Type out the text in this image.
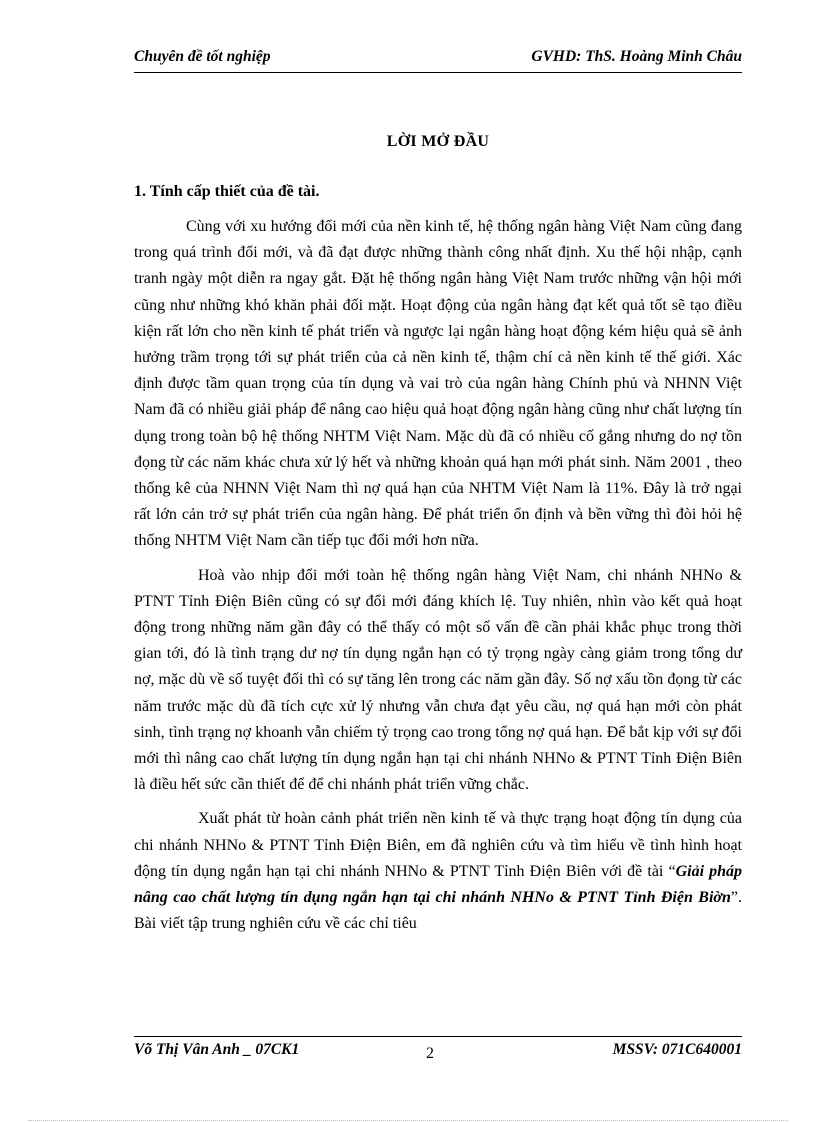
Chuyên đề tốt nghiệp	GVHD: ThS. Hoàng Minh Châu
LỜI MỞ ĐẦU
1. Tính cấp thiết của đề tài.

Cùng với xu hướng đổi mới của nền kinh tế, hệ thống ngân hàng Việt Nam cũng đang trong quá trình đổi mới, và đã đạt được những thành công nhất định. Xu thế hội nhập, cạnh tranh ngày một diễn ra ngay gắt. Đặt hệ thống ngân hàng Việt Nam trước những vận hội mới cũng như những khó khăn phải đối mặt. Hoạt động của ngân hàng đạt kết quả tốt sẽ tạo điều kiện rất lớn cho nền kinh tế phát triển và ngược lại ngân hàng hoạt động kém hiệu quả sẽ ảnh hưởng trầm trọng tới sự phát triển của cả nền kinh tế, thậm chí cả nền kinh tế thế giới. Xác định được tầm quan trọng của tín dụng và vai trò của ngân hàng Chính phủ và NHNN Việt Nam đã có nhiều giải pháp để nâng cao hiệu quả hoạt động ngân hàng cũng như chất lượng tín dụng trong toàn bộ hệ thống NHTM Việt Nam. Mặc dù đã có nhiều cố gắng nhưng do nợ tồn đọng từ các năm khác chưa xử lý hết và những khoản quá hạn mới phát sinh. Năm 2001 , theo thống kê của NHNN Việt Nam thì nợ quá hạn của NHTM Việt Nam là 11%. Đây là trở ngại rất lớn cản trở sự phát triển của ngân hàng. Để phát triển ổn định và bền vững thì đòi hỏi hệ thống NHTM Việt Nam cần tiếp tục đổi mới hơn nữa.

Hoà vào nhịp đổi mới toàn hệ thống ngân hàng Việt Nam, chi nhánh NHNo & PTNT Tỉnh Điện Biên cũng có sự đổi mới đáng khích lệ. Tuy nhiên, nhìn vào kết quả hoạt động trong những năm gần đây có thể thấy có một số vấn đề cần phải khắc phục trong thời gian tới, đó là tình trạng dư nợ tín dụng ngắn hạn có tỷ trọng ngày càng giảm trong tổng dư nợ, mặc dù về số tuyệt đối thì có sự tăng lên trong các năm gần đây. Số nợ xấu tồn đọng từ các năm trước mặc dù đã tích cực xử lý nhưng vẫn chưa đạt yêu cầu, nợ quá hạn mới còn phát sinh, tình trạng nợ khoanh vẫn chiếm tỷ trọng cao trong tổng nợ quá hạn. Để bắt kịp với sự đổi mới thì nâng cao chất lượng tín dụng ngắn hạn tại chi nhánh NHNo & PTNT Tỉnh Điện Biên là điều hết sức cần thiết để để chi nhánh phát triển vững chắc.

Xuất phát từ hoàn cảnh phát triển nền kinh tế và thực trạng hoạt động tín dụng của chi nhánh NHNo & PTNT Tỉnh Điện Biên, em đã nghiên cứu và tìm hiểu về tình hình hoạt động tín dụng ngắn hạn tại chi nhánh NHNo & PTNT Tỉnh Điện Biên với đề tài “Giải pháp nâng cao chất lượng tín dụng ngắn hạn tại chi nhánh NHNo & PTNT Tỉnh Điện Biờn”. Bài viết tập trung nghiên cứu về các chỉ tiêu

Võ Thị Vân Anh _ 07CK1	2	MSSV: 071C640001
